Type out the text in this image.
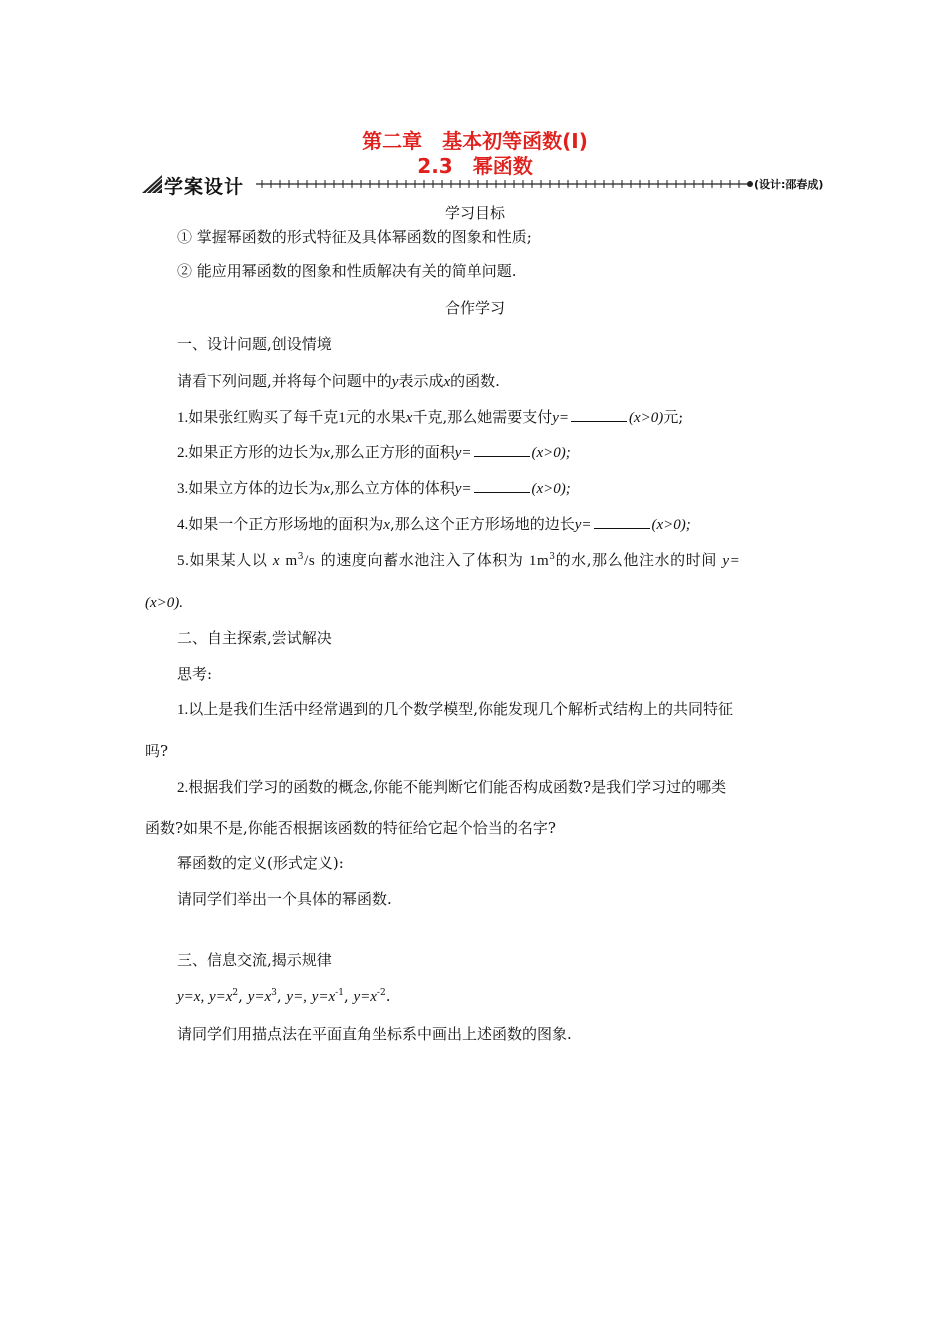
第二章　基本初等函数(Ⅰ)
2.3　幂函数
学案设计	(设计:邵春成)
学习目标
① 掌握幂函数的形式特征及具体幂函数的图象和性质;
② 能应用幂函数的图象和性质解决有关的简单问题.
合作学习
一、设计问题,创设情境
请看下列问题,并将每个问题中的y表示成x的函数.
1.如果张红购买了每千克1元的水果x千克,那么她需要支付y=	(x>0)元;
2.如果正方形的边长为x,那么正方形的面积y=	(x>0);
3.如果立方体的边长为x,那么立方体的体积y=	(x>0);
4.如果一个正方形场地的面积为x,那么这个正方形场地的边长y=	(x>0);
5.如果某人以 x $m^3/s$ 的速度向蓄水池注入了体积为 $1m^3$的水,那么他注水的时间 y=
(x>0).
二、自主探索,尝试解决
思考:
1.以上是我们生活中经常遇到的几个数学模型,你能发现几个解析式结构上的共同特征
吗?
2.根据我们学习的函数的概念,你能不能判断它们能否构成函数?是我们学习过的哪类
函数?如果不是,你能否根据该函数的特征给它起个恰当的名字?
幂函数的定义(形式定义):
请同学们举出一个具体的幂函数.
三、信息交流,揭示规律
y=x, $y=x^2$, $y=x^3$, y=, $y=x^{-1}$, $y=x^{-2}$.
请同学们用描点法在平面直角坐标系中画出上述函数的图象.
